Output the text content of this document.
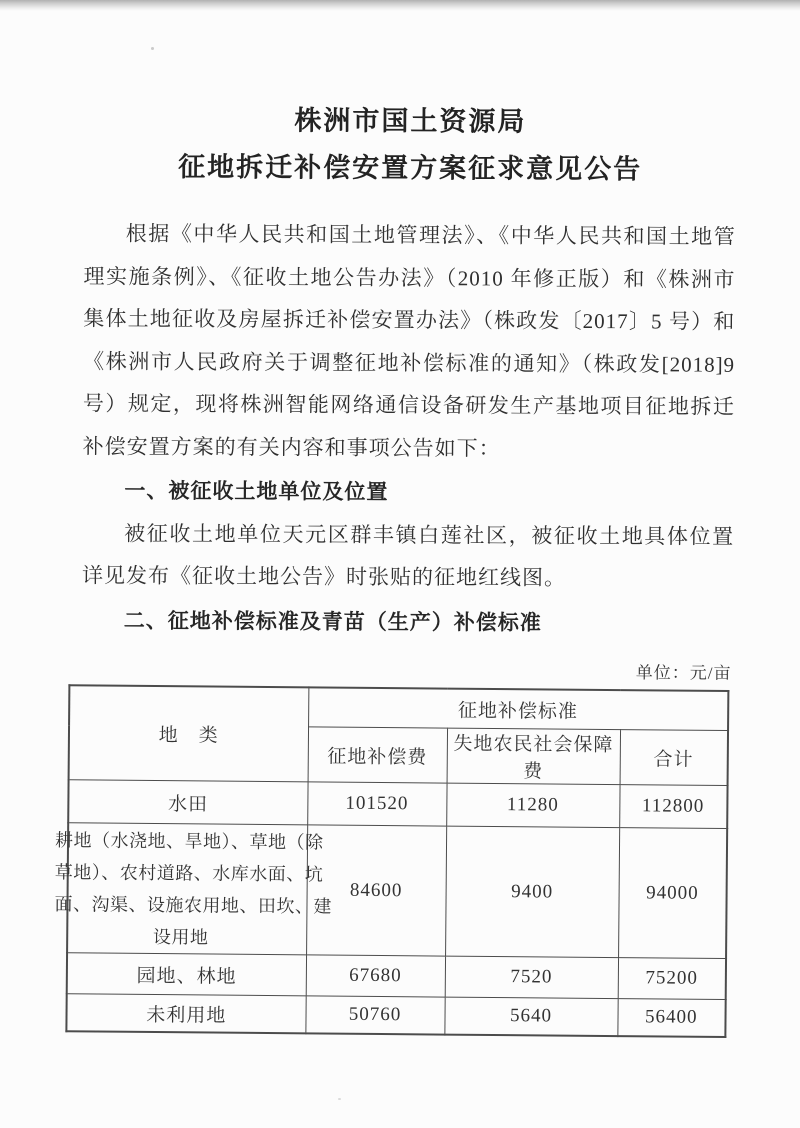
株洲市国土资源局

征地拆迁补偿安置方案征求意见公告

根据《中华人民共和国土地管理法》、《中华人民共和国土地管理实施条例》、《征收土地公告办法》（2010 年修正版）和《株洲市集体土地征收及房屋拆迁补偿安置办法》（株政发〔2017〕5 号）和《株洲市人民政府关于调整征地补偿标准的通知》（株政发[2018]9 号）规定，现将株洲智能网络通信设备研发生产基地项目征地拆迁补偿安置方案的有关内容和事项公告如下：

一、被征收土地单位及位置

被征收土地单位天元区群丰镇白莲社区，被征收土地具体位置详见发布《征收土地公告》时张贴的征地红线图。

二、征地补偿标准及青苗（生产）补偿标准

单位：元/亩
地　类	征地补偿标准		
	征地补偿费	失地农民社会保障费	合计
水田	101520	11280	112800

耕地（水浇地、旱地）、草地（除
草地）、农村道路、水库水面、坑
面、沟渠、设施农用地、田坎、建
设用地	84600	9400	94000
园地、林地	67680	7520	75200
未利用地	50760	5640	56400
